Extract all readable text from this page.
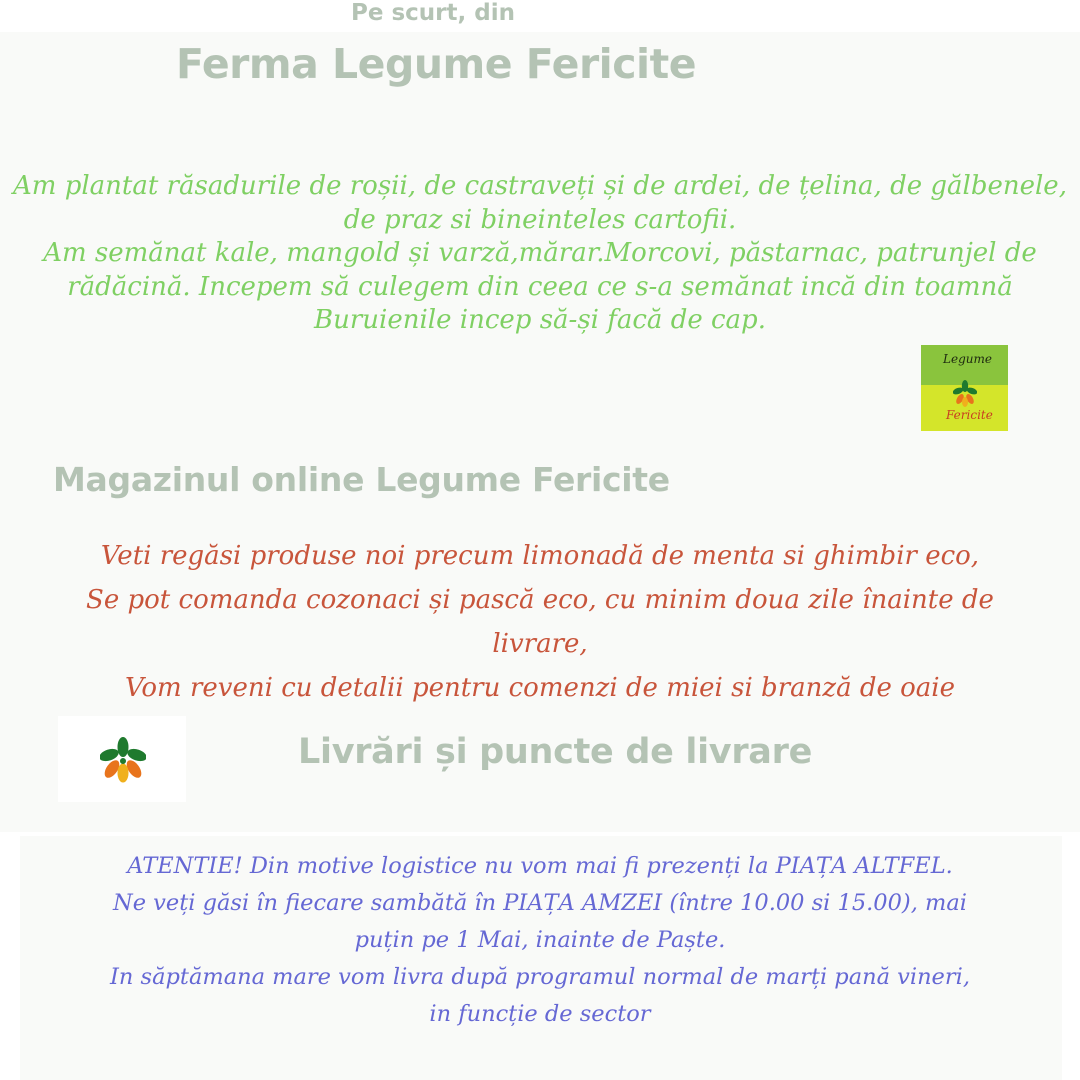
Pe scurt, din
Ferma Legume Fericite

Am plantat răsadurile de roșii, de castraveți și de ardei, de țelina, de gălbenele, de praz si bineinteles cartofii.

Am semănat kale, mangold și varză,mărar.Morcovi, păstarnac, patrunjel de rădăcină. Incepem să culegem din ceea ce s-a semănat incă din toamnă

Buruienile incep să-și facă de cap.

Legume
Fericite
Magazinul online Legume Fericite

Veti regăsi produse noi precum limonadă de menta si ghimbir eco,

Se pot comanda cozonaci și pască eco, cu minim doua zile înainte de livrare,

Vom reveni cu detalii pentru comenzi de miei si branză de oaie

Livrări și puncte de livrare

ATENTIE! Din motive logistice nu vom mai fi prezenți la PIAȚA ALTFEL. Ne veți găsi în fiecare sambătă în PIAȚA AMZEI (între 10.00 si 15.00), mai puțin pe 1 Mai, inainte de Paște.

In săptămana mare vom livra după programul normal de marți pană vineri, in funcție de sector
